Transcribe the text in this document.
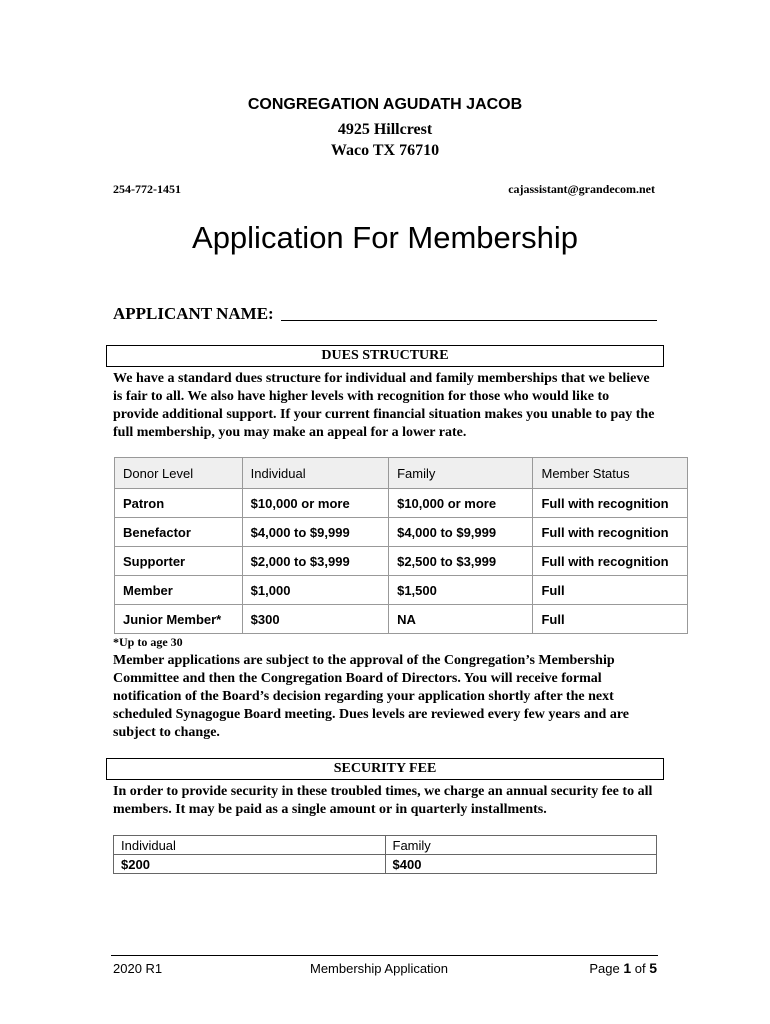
CONGREGATION AGUDATH JACOB
4925 Hillcrest
Waco TX 76710
254-772-1451	cajassistant@grandecom.net
Application For Membership
APPLICANT NAME:
DUES STRUCTURE
We have a standard dues structure for individual and family memberships that we believe is fair to all. We also have higher levels with recognition for those who would like to provide additional support. If your current financial situation makes you unable to pay the full membership, you may make an appeal for a lower rate.
Donor Level	Individual	Family	Member Status
Patron	$10,000 or more	$10,000 or more	Full with recognition
Benefactor	$4,000 to $9,999	$4,000 to $9,999	Full with recognition
Supporter	$2,000 to $3,999	$2,500 to $3,999	Full with recognition
Member	$1,000	$1,500	Full
Junior Member*	$300	NA	Full
*Up to age 30
Member applications are subject to the approval of the Congregation’s Membership Committee and then the Congregation Board of Directors. You will receive formal notification of the Board’s decision regarding your application shortly after the next scheduled Synagogue Board meeting. Dues levels are reviewed every few years and are subject to change.
SECURITY FEE
In order to provide security in these troubled times, we charge an annual security fee to all members. It may be paid as a single amount or in quarterly installments.
Individual	Family
$200	$400
2020 R1	Membership Application	Page 1 of 5
